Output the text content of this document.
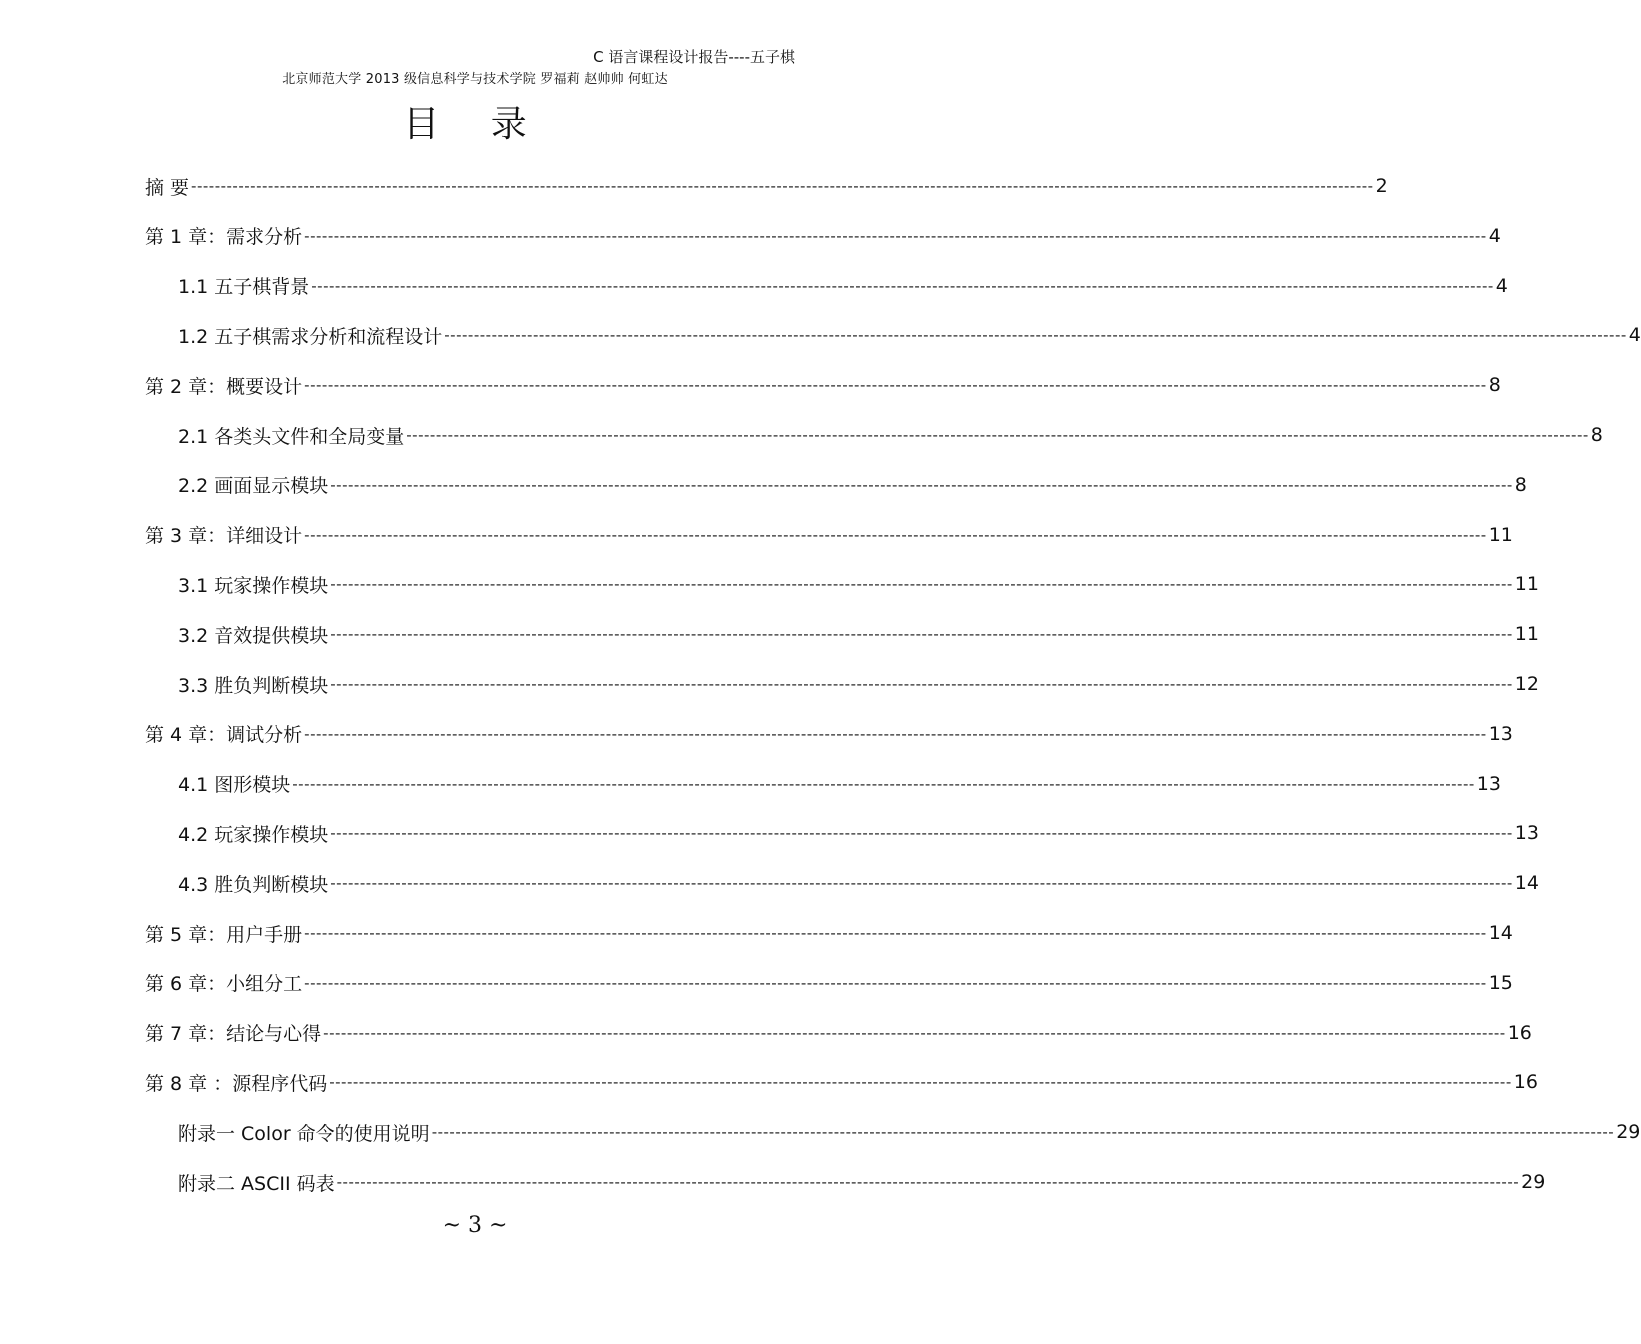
C 语言课程设计报告----五子棋
北京师范大学 2013 级信息科学与技术学院 罗福莉 赵帅帅 何虹达
目 录
摘 要 -------------------------------------------------------------------------------------------------------------------------------------------------------------------------------------------------------- 2
第 1 章：需求分析 -------------------------------------------------------------------------------------------------------------------------------------------------------------------------------------------------------- 4
1.1 五子棋背景 -------------------------------------------------------------------------------------------------------------------------------------------------------------------------------------------------------- 4
1.2 五子棋需求分析和流程设计 -------------------------------------------------------------------------------------------------------------------------------------------------------------------------------------------------------- 4
第 2 章：概要设计 -------------------------------------------------------------------------------------------------------------------------------------------------------------------------------------------------------- 8
2.1 各类头文件和全局变量 -------------------------------------------------------------------------------------------------------------------------------------------------------------------------------------------------------- 8
2.2 画面显示模块 -------------------------------------------------------------------------------------------------------------------------------------------------------------------------------------------------------- 8
第 3 章：详细设计 -------------------------------------------------------------------------------------------------------------------------------------------------------------------------------------------------------- 11
3.1 玩家操作模块 -------------------------------------------------------------------------------------------------------------------------------------------------------------------------------------------------------- 11
3.2 音效提供模块 -------------------------------------------------------------------------------------------------------------------------------------------------------------------------------------------------------- 11
3.3 胜负判断模块 -------------------------------------------------------------------------------------------------------------------------------------------------------------------------------------------------------- 12
第 4 章：调试分析 -------------------------------------------------------------------------------------------------------------------------------------------------------------------------------------------------------- 13
4.1 图形模块 -------------------------------------------------------------------------------------------------------------------------------------------------------------------------------------------------------- 13
4.2 玩家操作模块 -------------------------------------------------------------------------------------------------------------------------------------------------------------------------------------------------------- 13
4.3 胜负判断模块 -------------------------------------------------------------------------------------------------------------------------------------------------------------------------------------------------------- 14
第 5 章：用户手册 -------------------------------------------------------------------------------------------------------------------------------------------------------------------------------------------------------- 14
第 6 章：小组分工 -------------------------------------------------------------------------------------------------------------------------------------------------------------------------------------------------------- 15
第 7 章：结论与心得 -------------------------------------------------------------------------------------------------------------------------------------------------------------------------------------------------------- 16
第 8 章 ：源程序代码 -------------------------------------------------------------------------------------------------------------------------------------------------------------------------------------------------------- 16
附录一 Color 命令的使用说明 -------------------------------------------------------------------------------------------------------------------------------------------------------------------------------------------------------- 29
附录二 ASCII 码表 -------------------------------------------------------------------------------------------------------------------------------------------------------------------------------------------------------- 29
~ 3 ~
